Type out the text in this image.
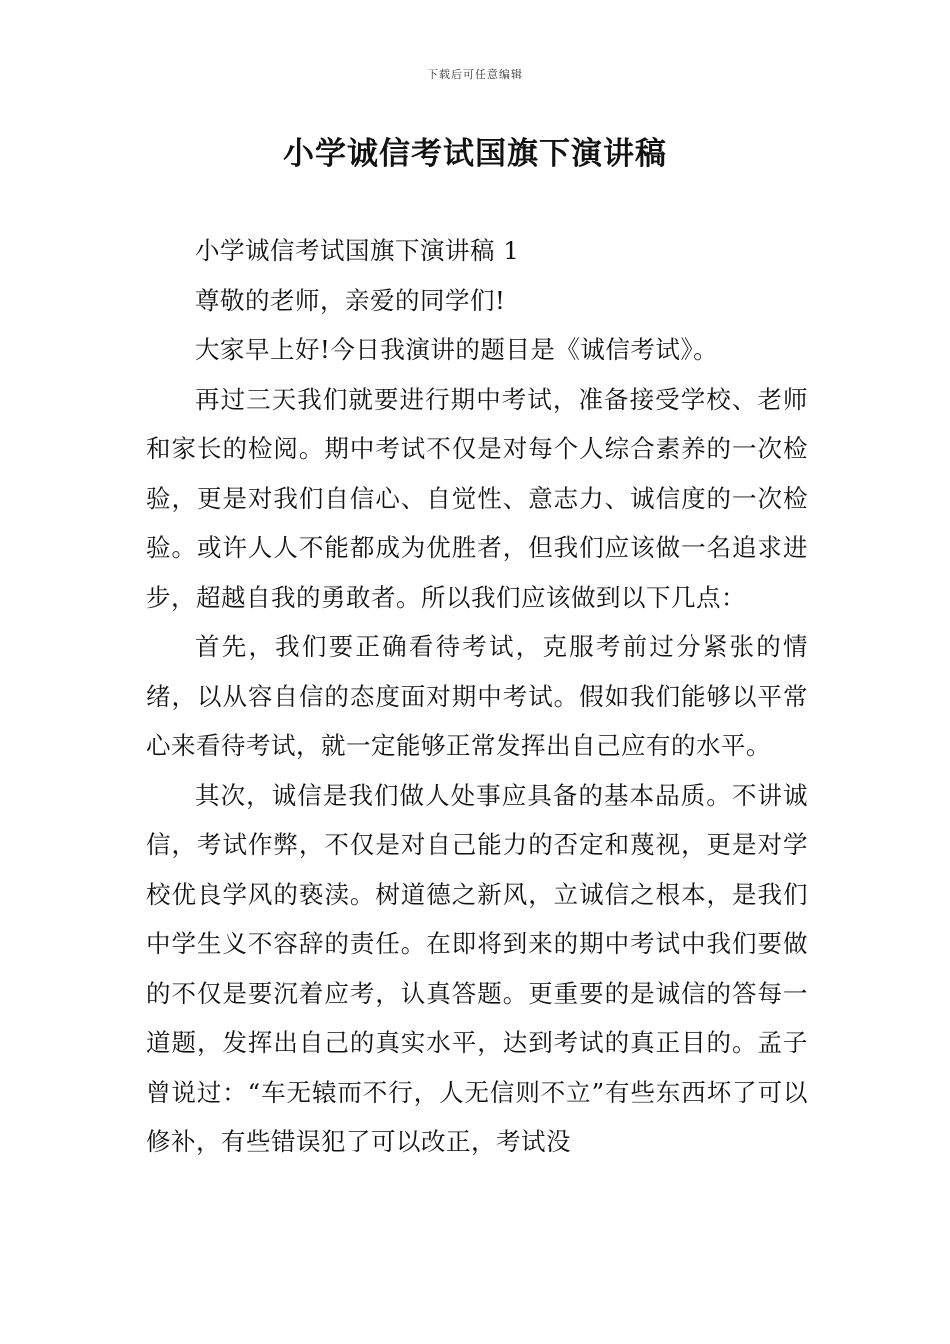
下载后可任意编辑
小学诚信考试国旗下演讲稿

小学诚信考试国旗下演讲稿 1

尊敬的老师，亲爱的同学们!

大家早上好!今日我演讲的题目是《诚信考试》。

再过三天我们就要进行期中考试，准备接受学校、老师和家长的检阅。期中考试不仅是对每个人综合素养的一次检验，更是对我们自信心、自觉性、意志力、诚信度的一次检验。或许人人不能都成为优胜者，但我们应该做一名追求进步，超越自我的勇敢者。所以我们应该做到以下几点：

首先，我们要正确看待考试，克服考前过分紧张的情绪，以从容自信的态度面对期中考试。假如我们能够以平常心来看待考试，就一定能够正常发挥出自己应有的水平。

其次，诚信是我们做人处事应具备的基本品质。不讲诚信，考试作弊，不仅是对自己能力的否定和蔑视，更是对学校优良学风的亵渎。树道德之新风，立诚信之根本，是我们中学生义不容辞的责任。在即将到来的期中考试中我们要做的不仅是要沉着应考，认真答题。更重要的是诚信的答每一道题，发挥出自己的真实水平，达到考试的真正目的。孟子曾说过：“车无辕而不行，人无信则不立”有些东西坏了可以修补，有些错误犯了可以改正，考试没
